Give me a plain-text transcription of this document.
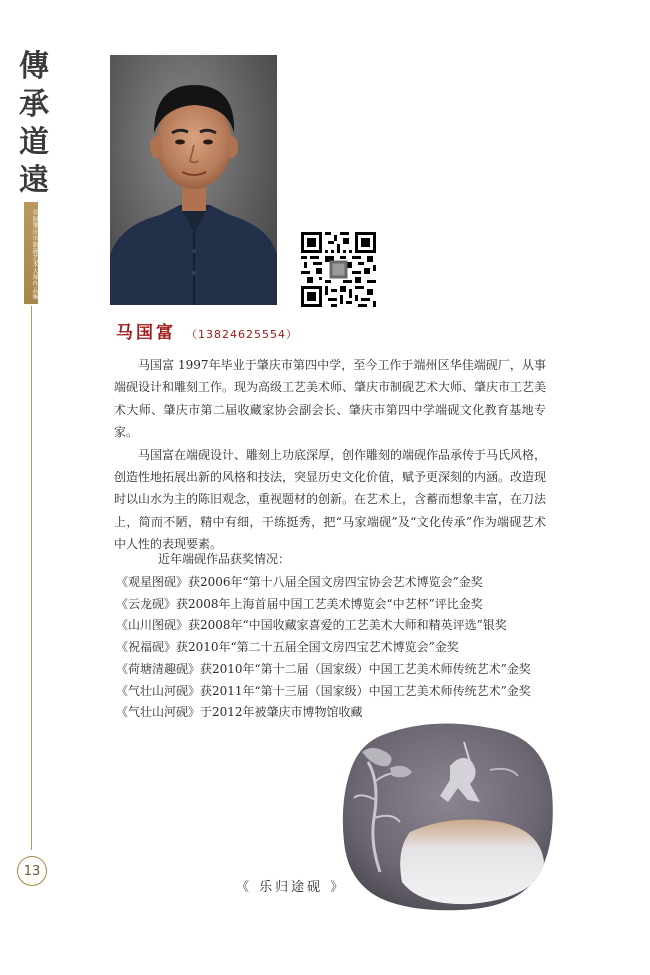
傳
承
道
遠
首届肇庆市制砚艺术大师作品集
13
马国富 （13824625554）

马国富 1997年毕业于肇庆市第四中学，至今工作于端州区华佳端砚厂，从事端砚设计和雕刻工作。现为高级工艺美术师、肇庆市制砚艺术大师、肇庆市工艺美术大师、肇庆市第二届收藏家协会副会长、肇庆市第四中学端砚文化教育基地专家。

马国富在端砚设计、雕刻上功底深厚，创作雕刻的端砚作品承传于马氏风格，创造性地拓展出新的风格和技法，突显历史文化价值，赋予更深刻的内涵。改造现时以山水为主的陈旧观念，重视题材的创新。在艺术上，含蓄而想象丰富，在刀法上，简而不陋，精中有细，干练挺秀，把“马家端砚”及“文化传承”作为端砚艺术中人性的表现要素。

近年端砚作品获奖情况：
《观星图砚》获2006年“第十八届全国文房四宝协会艺术博览会”金奖
《云龙砚》获2008年上海首届中国工艺美术博览会“中艺杯”评比金奖
《山川图砚》获2008年“中国收藏家喜爱的工艺美术大师和精英评选”银奖
《祝福砚》获2010年“第二十五届全国文房四宝艺术博览会”金奖
《荷塘清趣砚》获2010年“第十二届（国家级）中国工艺美术师传统艺术”金奖
《气壮山河砚》获2011年“第十三届（国家级）中国工艺美术师传统艺术”金奖
《气壮山河砚》于2012年被肇庆市博物馆收藏
《 乐归途砚 》
